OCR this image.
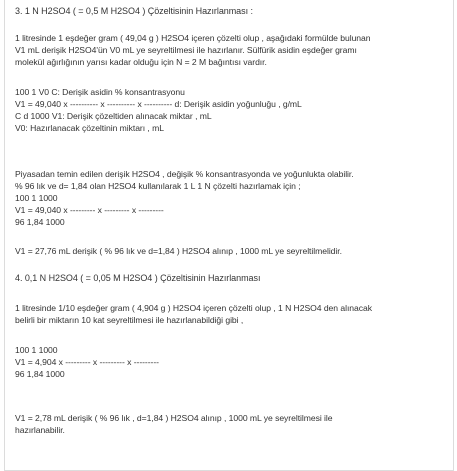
3. 1 N H2SO4 ( = 0,5 M H2SO4 ) Çözeltisinin Hazırlanması :
1 litresinde 1 eşdeğer gram ( 49,04 g ) H2SO4 içeren çözelti olup , aşağıdaki formülde bulunan
V1 mL derişik H2SO4'ün V0 mL ye seyreltilmesi ile hazırlanır. Sülfürik asidin eşdeğer gramı
molekül ağırlığının yarısı kadar olduğu için N = 2 M bağıntısı vardır.
100 1 V0 C: Derişik asidin % konsantrasyonu
V1 = 49,040 x ---------- x ---------- x ---------- d: Derişik asidin yoğunluğu , g/mL
C d 1000 V1: Derişik çözeltiden alınacak miktar , mL
V0: Hazırlanacak çözeltinin miktarı , mL
Piyasadan temin edilen derişik H2SO4 , değişik % konsantrasyonda ve yoğunlukta olabilir.
% 96 lık ve d= 1,84 olan H2SO4 kullanılarak 1 L 1 N çözelti hazırlamak için ;
100 1 1000
V1 = 49,040 x --------- x --------- x ---------
96 1,84 1000
V1 = 27,76 mL derişik ( % 96 lık ve d=1,84 ) H2SO4 alınıp , 1000 mL ye seyreltilmelidir.
4. 0,1 N H2SO4 ( = 0,05 M H2SO4 ) Çözeltisinin Hazırlanması
1 litresinde 1/10 eşdeğer gram ( 4,904 g ) H2SO4 içeren çözelti olup , 1 N H2SO4 den alınacak
belirli bir miktarın 10 kat seyreltilmesi ile hazırlanabildiği gibi ,
100 1 1000
V1 = 4,904 x --------- x --------- x ---------
96 1,84 1000
V1 = 2,78 mL derişik ( % 96 lık , d=1,84 ) H2SO4 alınıp , 1000 mL ye seyreltilmesi ile
hazırlanabilir.
